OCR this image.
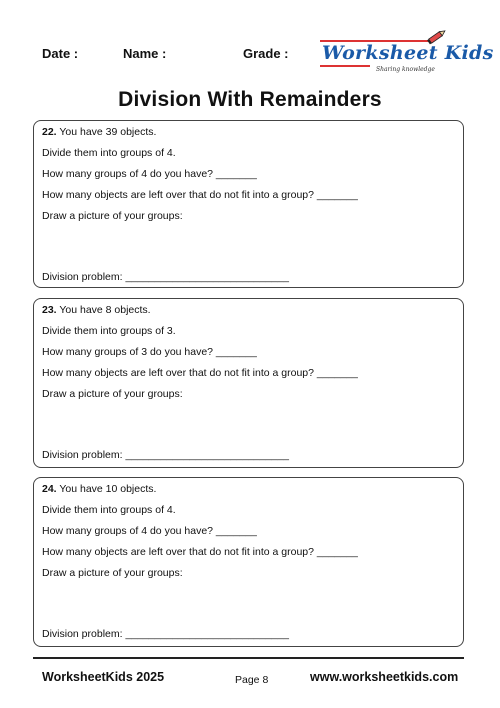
Date :	Name :	Grade : Worksheet Kids
Sharing knowledge
Division With Remainders
22. You have 39 objects.
Divide them into groups of 4.
How many groups of 4 do you have? _______
How many objects are left over that do not fit into a group? _______
Draw a picture of your groups:
Division problem: ____________________________
23. You have 8 objects.
Divide them into groups of 3.
How many groups of 3 do you have? _______
How many objects are left over that do not fit into a group? _______
Draw a picture of your groups:
Division problem: ____________________________
24. You have 10 objects.
Divide them into groups of 4.
How many groups of 4 do you have? _______
How many objects are left over that do not fit into a group? _______
Draw a picture of your groups:
Division problem: ____________________________
WorksheetKids 2025	Page 8	www.worksheetkids.com
